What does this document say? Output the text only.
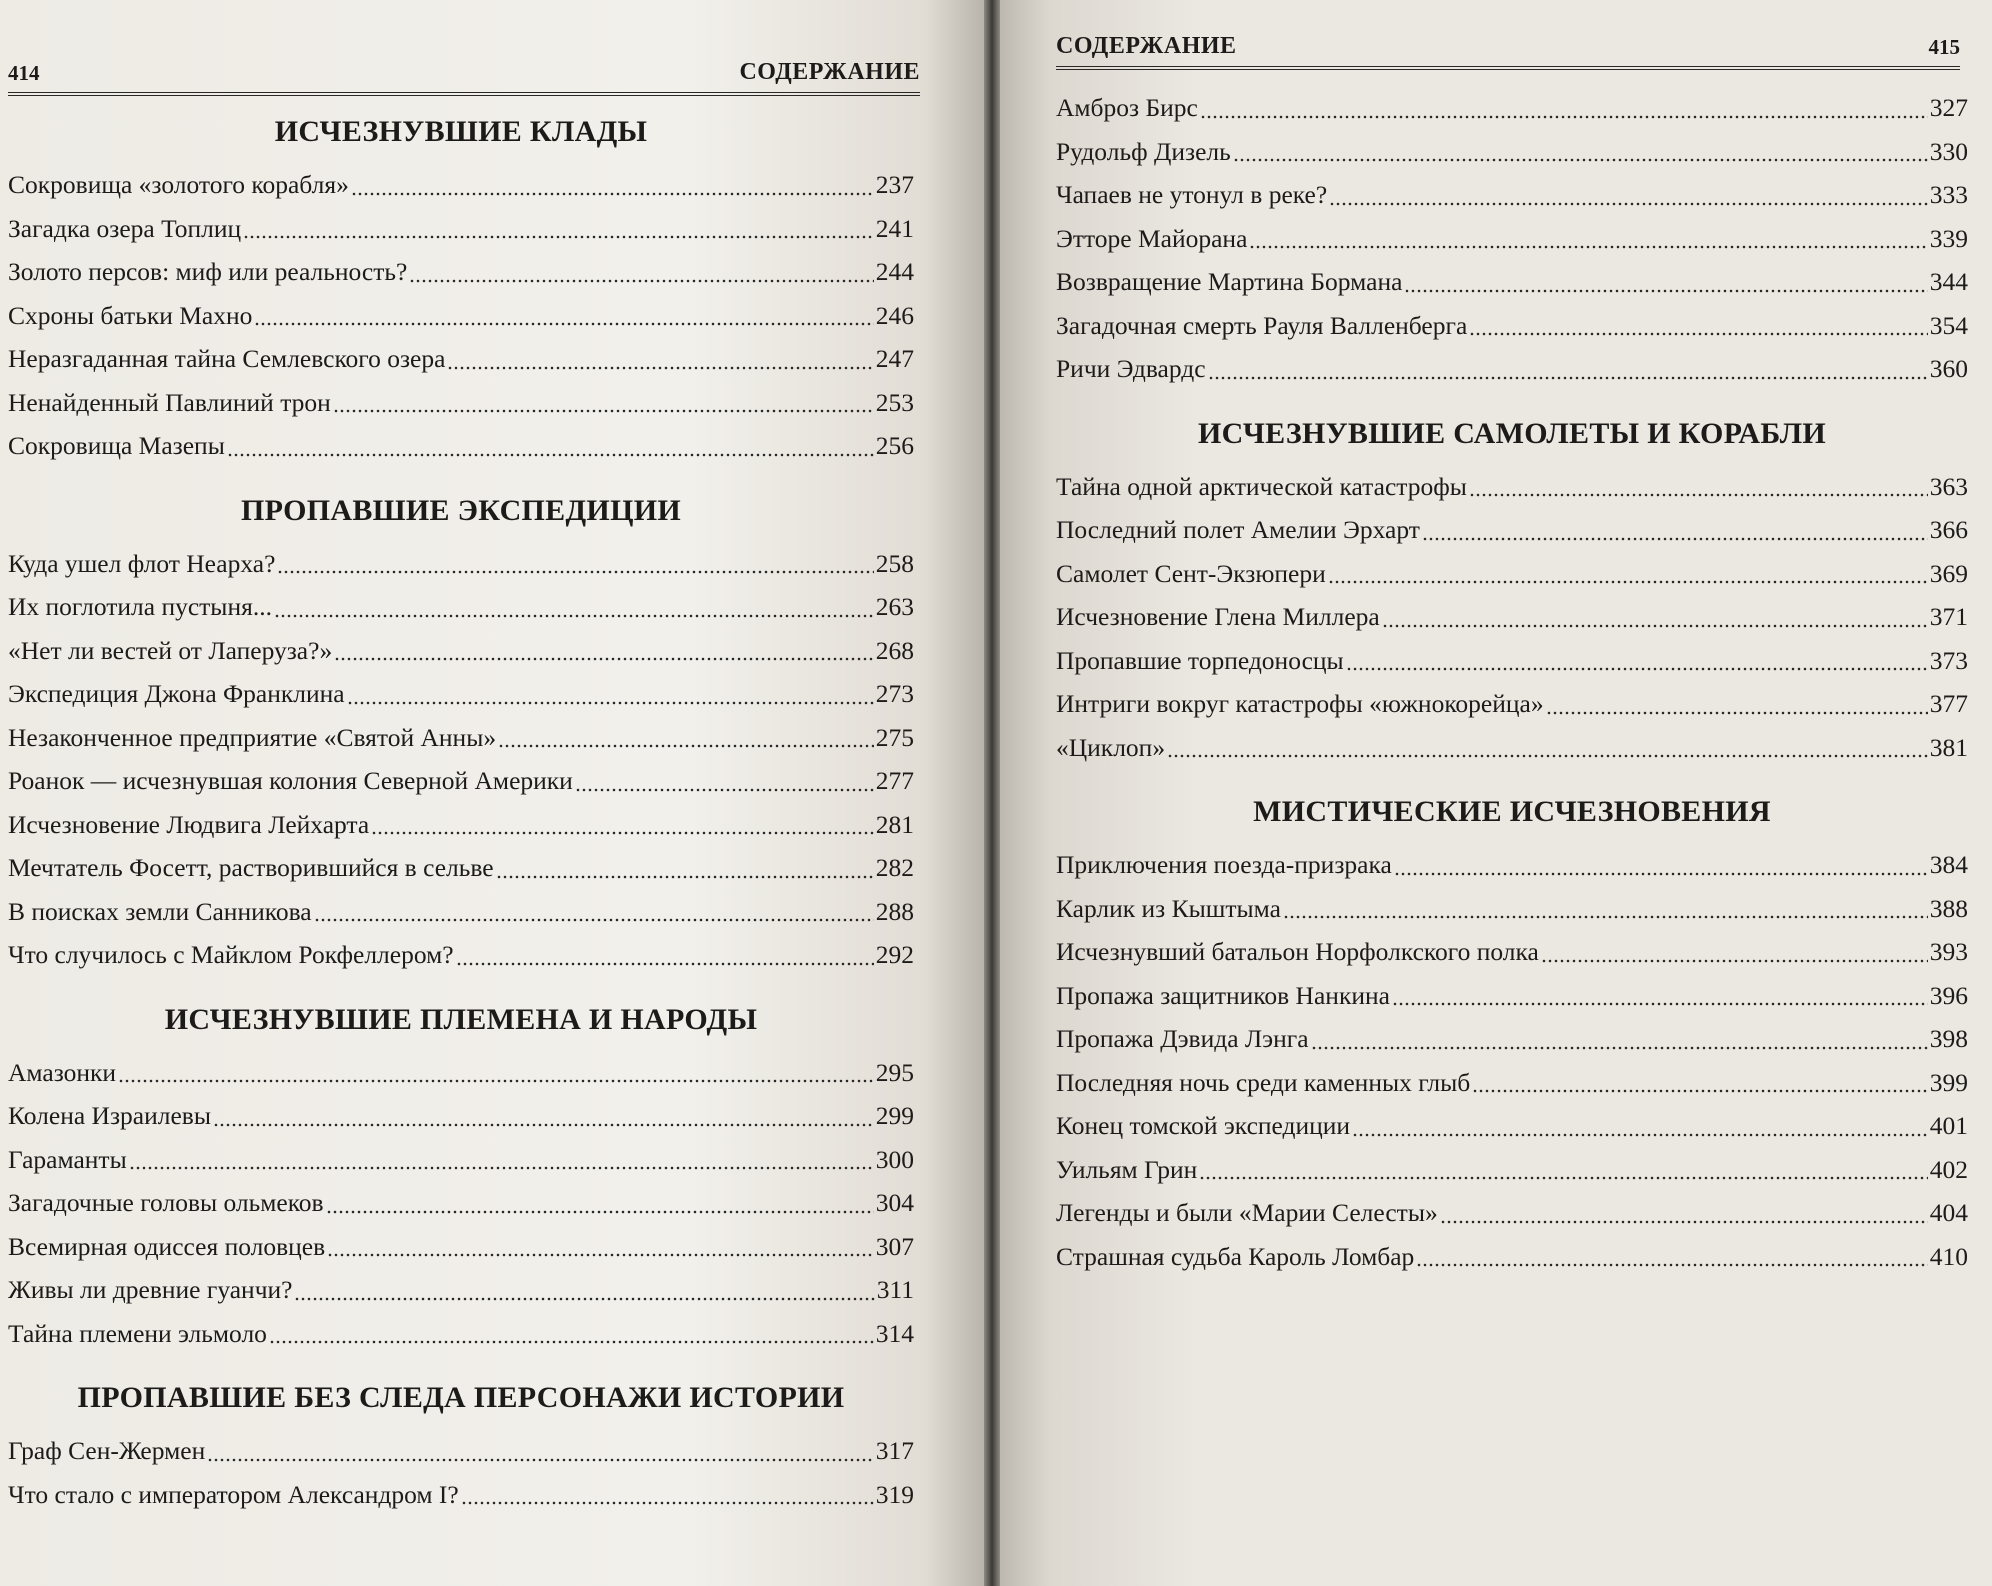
414	СОДЕРЖАНИЕ
ИСЧЕЗНУВШИЕ КЛАДЫ
Сокровища «золотого корабля»	237
Загадка озера Топлиц	241
Золото персов: миф или реальность?	244
Схроны батьки Махно	246
Неразгаданная тайна Семлевского озера	247
Ненайденный Павлиний трон	253
Сокровища Мазепы	256
ПРОПАВШИЕ ЭКСПЕДИЦИИ
Куда ушел флот Неарха?	258
Их поглотила пустыня...	263
«Нет ли вестей от Лаперуза?»	268
Экспедиция Джона Франклина	273
Незаконченное предприятие «Святой Анны»	275
Роанок — исчезнувшая колония Северной Америки	277
Исчезновение Людвига Лейхарта	281
Мечтатель Фосетт, растворившийся в сельве	282
В поисках земли Санникова	288
Что случилось с Майклом Рокфеллером?	292
ИСЧЕЗНУВШИЕ ПЛЕМЕНА И НАРОДЫ
Амазонки	295
Колена Израилевы	299
Гараманты	300
Загадочные головы ольмеков	304
Всемирная одиссея половцев	307
Живы ли древние гуанчи?	311
Тайна племени эльмоло	314
ПРОПАВШИЕ БЕЗ СЛЕДА ПЕРСОНАЖИ ИСТОРИИ
Граф Сен-Жермен	317
Что стало с императором Александром I?	319
СОДЕРЖАНИЕ	415
Амброз Бирс	327
Рудольф Дизель	330
Чапаев не утонул в реке?	333
Этторе Майорана	339
Возвращение Мартина Бормана	344
Загадочная смерть Рауля Валленберга	354
Ричи Эдвардс	360
ИСЧЕЗНУВШИЕ САМОЛЕТЫ И КОРАБЛИ
Тайна одной арктической катастрофы	363
Последний полет Амелии Эрхарт	366
Самолет Сент-Экзюпери	369
Исчезновение Глена Миллера	371
Пропавшие торпедоносцы	373
Интриги вокруг катастрофы «южнокорейца»	377
«Циклоп»	381
МИСТИЧЕСКИЕ ИСЧЕЗНОВЕНИЯ
Приключения поезда-призрака	384
Карлик из Кыштыма	388
Исчезнувший батальон Норфолкского полка	393
Пропажа защитников Нанкина	396
Пропажа Дэвида Лэнга	398
Последняя ночь среди каменных глыб	399
Конец томской экспедиции	401
Уильям Грин	402
Легенды и были «Марии Селесты»	404
Страшная судьба Кароль Ломбар	410
